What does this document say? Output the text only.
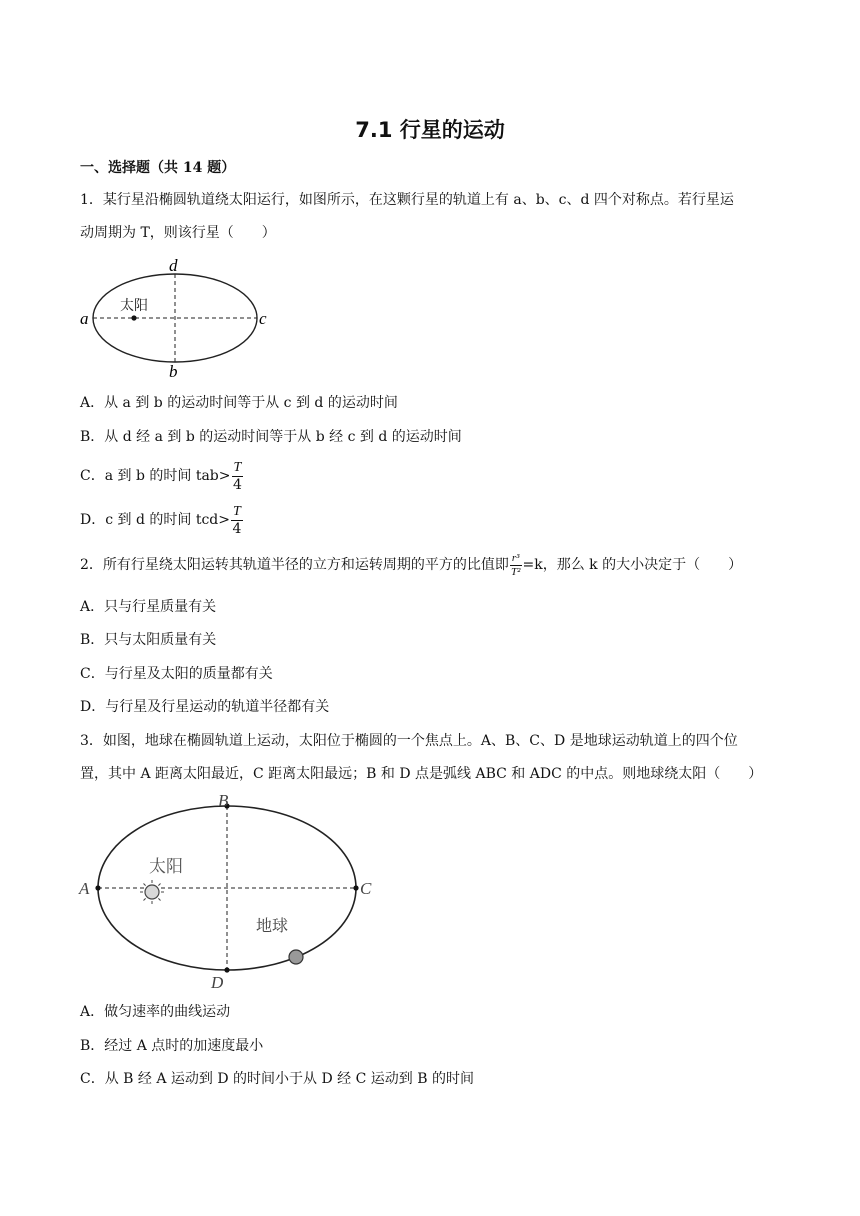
7.1 行星的运动
一、选择题（共 14 题）
1．某行星沿椭圆轨道绕太阳运行，如图所示，在这颗行星的轨道上有 a、b、c、d 四个对称点。若行星运
动周期为 T，则该行星（　　）
太阳
a	c
d
b
A．从 a 到 b 的运动时间等于从 c 到 d 的运动时间
B．从 d 经 a 到 b 的运动时间等于从 b 经 c 到 d 的运动时间
C．a 到 b 的时间 $tab> \frac{T}{4}$
D．c 到 d 的时间 $tcd> \frac{T}{4}$
2．所有行星绕太阳运转其轨道半径的立方和运转周期的平方的比值即 $\frac{\text{r³}}{\text{T²}} =k$，那么 k 的大小决定于（　　）
A．只与行星质量有关
B．只与太阳质量有关
C．与行星及太阳的质量都有关
D．与行星及行星运动的轨道半径都有关
3．如图，地球在椭圆轨道上运动，太阳位于椭圆的一个焦点上。A、B、C、D 是地球运动轨道上的四个位
置，其中 A 距离太阳最近，C 距离太阳最远；B 和 D 点是弧线 ABC 和 ADC 的中点。则地球绕太阳（　　）
太阳
地球
A	C
B
D
A．做匀速率的曲线运动
B．经过 A 点时的加速度最小
C．从 B 经 A 运动到 D 的时间小于从 D 经 C 运动到 B 的时间
